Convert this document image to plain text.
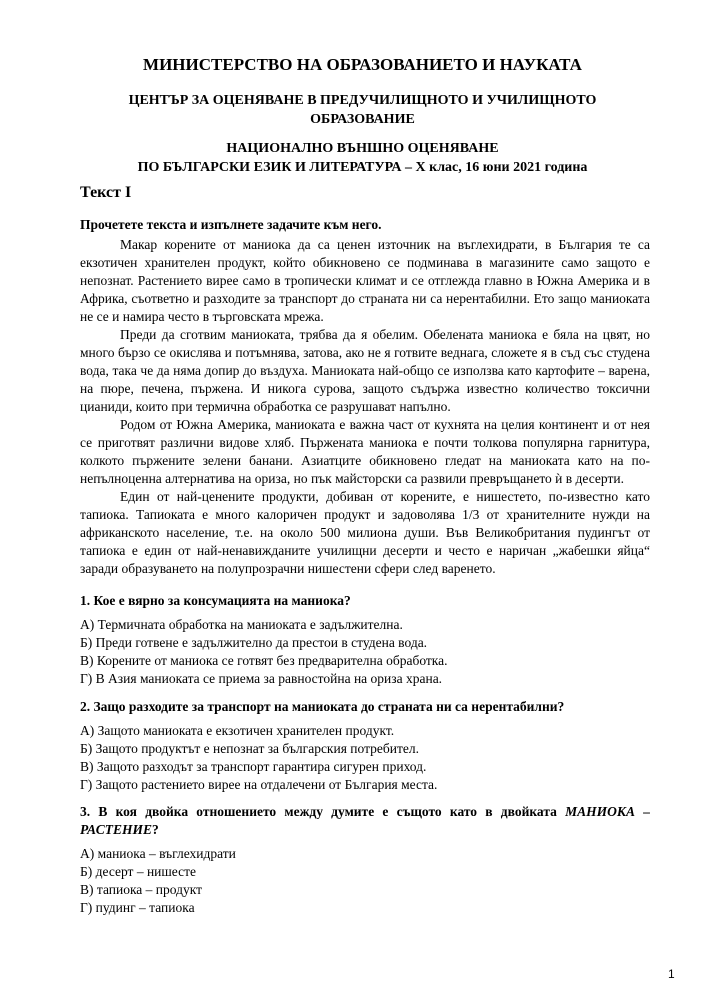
МИНИСТЕРСТВО НА ОБРАЗОВАНИЕТО И НАУКАТА
ЦЕНТЪР ЗА ОЦЕНЯВАНЕ В ПРЕДУЧИЛИЩНОТО И УЧИЛИЩНОТО
ОБРАЗОВАНИЕ
НАЦИОНАЛНО ВЪНШНО ОЦЕНЯВАНЕ
ПО БЪЛГАРСКИ ЕЗИК И ЛИТЕРАТУРА – Х клас, 16 юни 2021 година
Текст I
Прочетете текста и изпълнете задачите към него.

Макар корените от маниока да са ценен източник на въглехидрати, в България те са екзотичен хранителен продукт, който обикновено се подминава в магазините само защото е непознат. Растението вирее само в тропически климат и се отглежда главно в Южна Америка и в Африка, съответно и разходите за транспорт до страната ни са нерентабилни. Ето защо маниоката не се и намира често в търговската мрежа.

Преди да сготвим маниоката, трябва да я обелим. Обелената маниока е бяла на цвят, но много бързо се окислява и потъмнява, затова, ако не я готвите веднага, сложете я в съд със студена вода, така че да няма допир до въздуха. Маниоката най-общо се използва като картофите – варена, на пюре, печена, пържена. И никога сурова, защото съдържа известно количество токсични цианиди, които при термична обработка се разрушават напълно.

Родом от Южна Америка, маниоката е важна част от кухнята на целия континент и от нея се приготвят различни видове хляб. Пържената маниока е почти толкова популярна гарнитура, колкото пържените зелени банани. Азиатците обикновено гледат на маниоката като на по-непълноценна алтернатива на ориза, но пък майсторски са развили превръщането ѝ в десерти.

Един от най-ценените продукти, добиван от корените, е нишестето, по-известно като тапиока. Тапиоката е много калоричен продукт и задоволява 1/3 от хранителните нужди на африканското население, т.е. на около 500 милиона души. Във Великобритания пудингът от тапиока е един от най-ненавижданите училищни десерти и често е наричан „жабешки яйца“ заради образуването на полупрозрачни нишестени сфери след варенето.

1. Кое е вярно за консумацията на маниока?
А) Термичната обработка на маниоката е задължителна.
Б) Преди готвене е задължително да престои в студена вода.
В) Корените от маниока се готвят без предварителна обработка.
Г) В Азия маниоката се приема за равностойна на ориза храна.
2. Защо разходите за транспорт на маниоката до страната ни са нерентабилни?
А) Защото маниоката е екзотичен хранителен продукт.
Б) Защото продуктът е непознат за българския потребител.
В) Защото разходът за транспорт гарантира сигурен приход.
Г) Защото растението вирее на отдалечени от България места.
3. В коя двойка отношението между думите е същото като в двойката МАНИОКА – РАСТЕНИЕ?
А) маниока – въглехидрати
Б) десерт – нишесте
В) тапиока – продукт
Г) пудинг – тапиока
1
